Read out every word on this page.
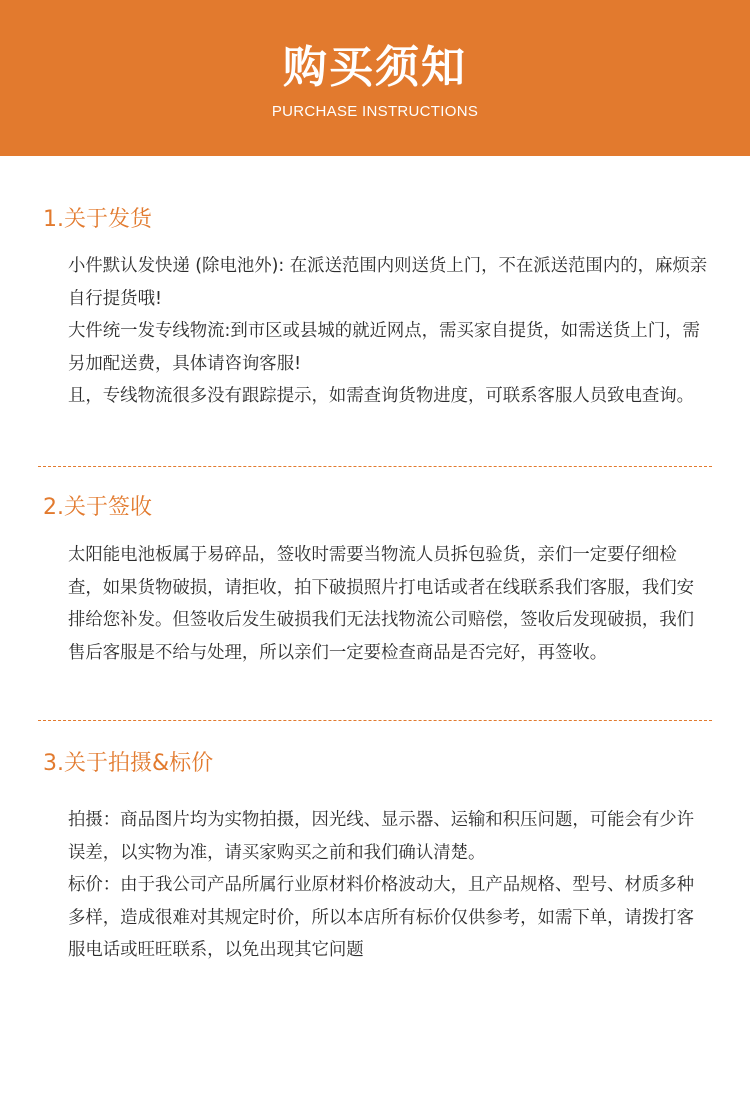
购买须知
PURCHASE INSTRUCTIONS
1.关于发货

小件默认发快递 (除电池外): 在派送范围内则送货上门，不在派送范围内的，麻烦亲自行提货哦!

大件统一发专线物流:到市区或县城的就近网点，需买家自提货，如需送货上门，需另加配送费，具体请咨询客服!

且，专线物流很多没有跟踪提示，如需查询货物进度，可联系客服人员致电查询。

2.关于签收

太阳能电池板属于易碎品，签收时需要当物流人员拆包验货，亲们一定要仔细检查，如果货物破损，请拒收，拍下破损照片打电话或者在线联系我们客服，我们安排给您补发。但签收后发生破损我们无法找物流公司赔偿，签收后发现破损，我们售后客服是不给与处理，所以亲们一定要检查商品是否完好，再签收。

3.关于拍摄&标价

拍摄：商品图片均为实物拍摄，因光线、显示器、运输和积压问题，可能会有少许误差，以实物为准，请买家购买之前和我们确认清楚。

标价：由于我公司产品所属行业原材料价格波动大，且产品规格、型号、材质多种多样，造成很难对其规定时价，所以本店所有标价仅供参考，如需下单，请拨打客服电话或旺旺联系，以免出现其它问题
